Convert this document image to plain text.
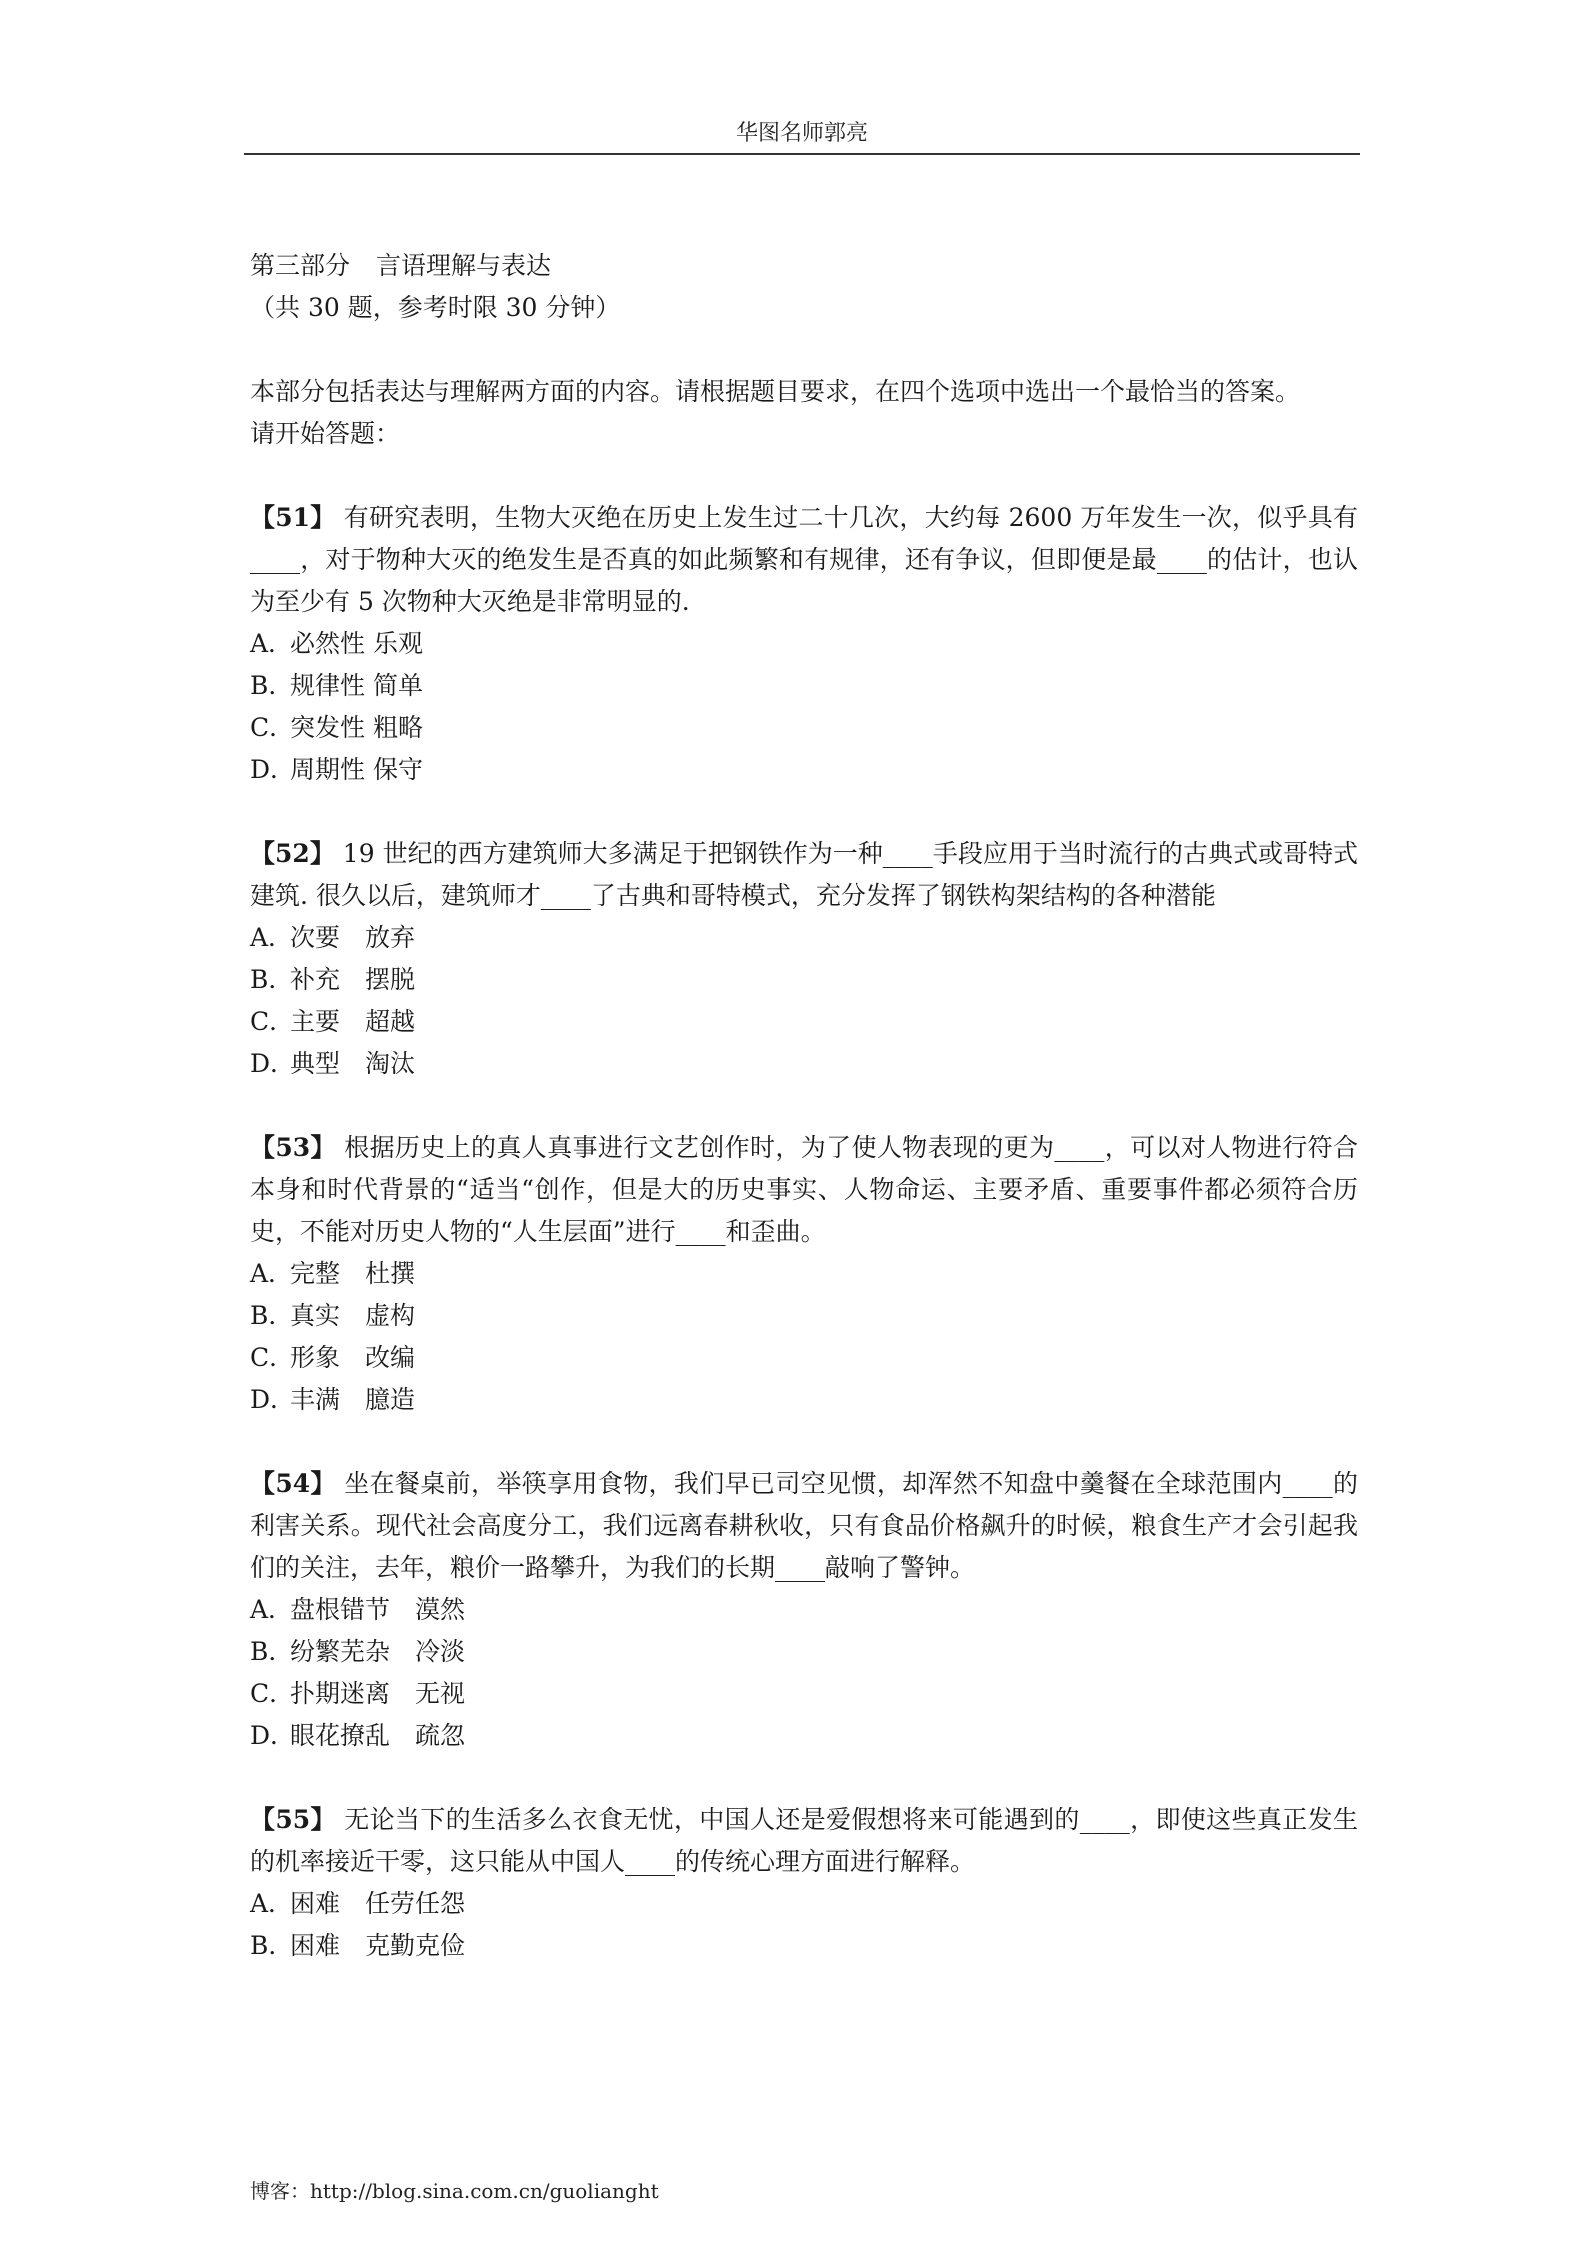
华图名师郭亮

第三部分 言语理解与表达

（共 30 题，参考时限 30 分钟）

本部分包括表达与理解两方面的内容。请根据题目要求，在四个选项中选出一个最恰当的答案。

请开始答题：

【51】 有研究表明，生物大灭绝在历史上发生过二十几次，大约每 2600 万年发生一次，似乎具有____，对于物种大灭的绝发生是否真的如此频繁和有规律，还有争议，但即便是最____的估计，也认为至少有 5 次物种大灭绝是非常明显的.

A．必然性 乐观
B．规律性 简单
C．突发性 粗略
D．周期性 保守

【52】 19 世纪的西方建筑师大多满足于把钢铁作为一种____手段应用于当时流行的古典式或哥特式建筑. 很久以后，建筑师才____了古典和哥特模式，充分发挥了钢铁构架结构的各种潜能

A．次要　放弃
B．补充　摆脱
C．主要　超越
D．典型　淘汰

【53】 根据历史上的真人真事进行文艺创作时，为了使人物表现的更为____，可以对人物进行符合本身和时代背景的“适当“创作，但是大的历史事实、人物命运、主要矛盾、重要事件都必须符合历史，不能对历史人物的“人生层面”进行____和歪曲。

A．完整　杜撰
B．真实　虚构
C．形象　改编
D．丰满　臆造

【54】 坐在餐桌前，举筷享用食物，我们早已司空见惯，却浑然不知盘中羹餐在全球范围内____的利害关系。现代社会高度分工，我们远离春耕秋收，只有食品价格飙升的时候，粮食生产才会引起我们的关注，去年，粮价一路攀升，为我们的长期____敲响了警钟。

A．盘根错节　漠然
B．纷繁芜杂　冷淡
C．扑期迷离　无视
D．眼花撩乱　疏忽

【55】 无论当下的生活多么衣食无忧，中国人还是爱假想将来可能遇到的____，即使这些真正发生的机率接近干零，这只能从中国人____的传统心理方面进行解释。

A．困难　任劳任怨
B．困难　克勤克俭
博客：http://blog.sina.com.cn/guolianght
